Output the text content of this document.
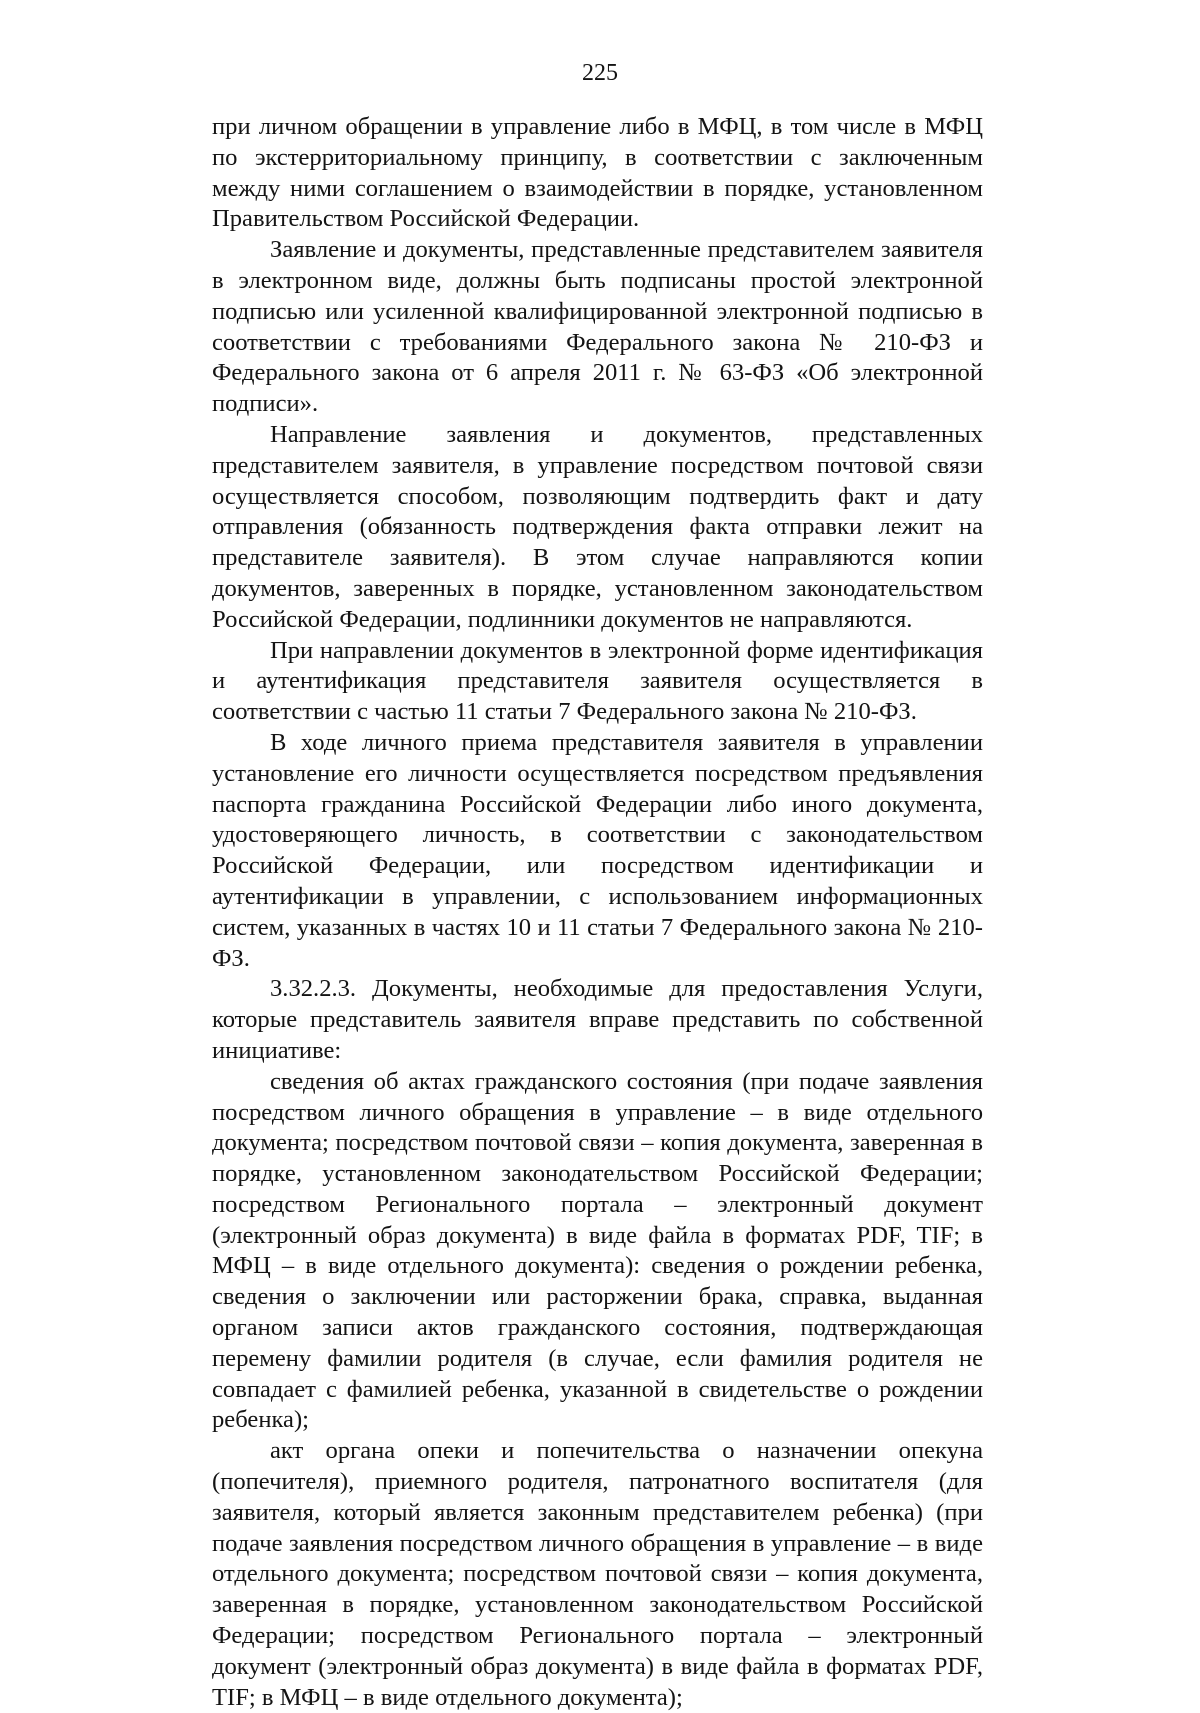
225

при личном обращении в управление либо в МФЦ, в том числе в МФЦ по экстерриториальному принципу, в соответствии с заключенным между ними соглашением о взаимодействии в порядке, установленном Правительством Российской Федерации.

Заявление и документы, представленные представителем заявителя в электронном виде, должны быть подписаны простой электронной подписью или усиленной квалифицированной электронной подписью в соответствии с требованиями Федерального закона № 210-ФЗ и Федерального закона от 6 апреля 2011 г. № 63-ФЗ «Об электронной подписи».

Направление заявления и документов, представленных представителем заявителя, в управление посредством почтовой связи осуществляется способом, позволяющим подтвердить факт и дату отправления (обязанность подтверждения факта отправки лежит на представителе заявителя). В этом случае направляются копии документов, заверенных в порядке, установленном законодательством Российской Федерации, подлинники документов не направляются.

При направлении документов в электронной форме идентификация и аутентификация представителя заявителя осуществляется в соответствии с частью 11 статьи 7 Федерального закона № 210-ФЗ.

В ходе личного приема представителя заявителя в управлении установление его личности осуществляется посредством предъявления паспорта гражданина Российской Федерации либо иного документа, удостоверяющего личность, в соответствии с законодательством Российской Федерации, или посредством идентификации и аутентификации в управлении, с использованием информационных систем, указанных в частях 10 и 11 статьи 7 Федерального закона № 210-ФЗ.

3.32.2.3. Документы, необходимые для предоставления Услуги, которые представитель заявителя вправе представить по собственной инициативе:

сведения об актах гражданского состояния (при подаче заявления посредством личного обращения в управление – в виде отдельного документа; посредством почтовой связи – копия документа, заверенная в порядке, установленном законодательством Российской Федерации; посредством Регионального портала – электронный документ (электронный образ документа) в виде файла в форматах PDF, TIF; в МФЦ – в виде отдельного документа): сведения о рождении ребенка, сведения о заключении или расторжении брака, справка, выданная органом записи актов гражданского состояния, подтверждающая перемену фамилии родителя (в случае, если фамилия родителя не совпадает с фамилией ребенка, указанной в свидетельстве о рождении ребенка);

акт органа опеки и попечительства о назначении опекуна (попечителя), приемного родителя, патронатного воспитателя (для заявителя, который является законным представителем ребенка) (при подаче заявления посредством личного обращения в управление – в виде отдельного документа; посредством почтовой связи – копия документа, заверенная в порядке, установленном законодательством Российской Федерации; посредством Регионального портала – электронный документ (электронный образ документа) в виде файла в форматах PDF, TIF; в МФЦ – в виде отдельного документа);
